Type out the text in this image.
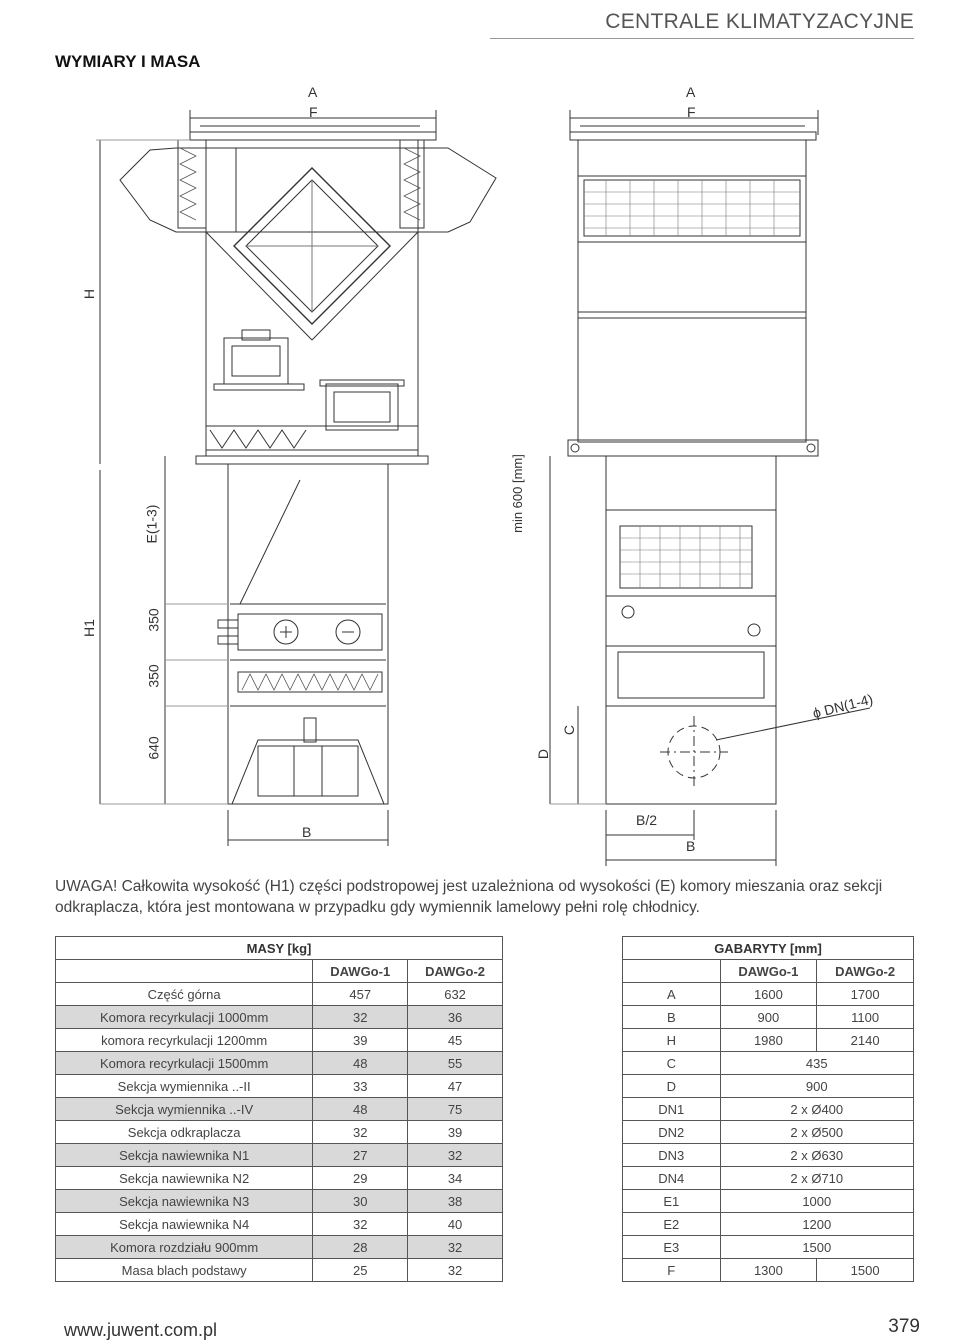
CENTRALE KLIMATYZACYJNE
WYMIARY I MASA
A
F
A
F
H
E(1-3)
H1	350
350
640
B
B/2
B
min 600 [mm]
D
C
ϕ DN(1-4)
UWAGA! Całkowita wysokość (H1) części podstropowej jest uzależniona od wysokości (E) komory mieszania oraz sekcji odkraplacza, która jest montowana w przypadku gdy wymiennik lamelowy pełni rolę chłodnicy.
MASY [kg]		
	DAWGo-1	DAWGo-2
Część górna	457	632
Komora recyrkulacji 1000mm	32	36
komora recyrkulacji 1200mm	39	45
Komora recyrkulacji 1500mm	48	55
Sekcja wymiennika ..-II	33	47
Sekcja wymiennika ..-IV	48	75
Sekcja odkraplacza	32	39
Sekcja nawiewnika N1	27	32
Sekcja nawiewnika N2	29	34
Sekcja nawiewnika N3	30	38
Sekcja nawiewnika N4	32	40
Komora rozdziału 900mm	28	32
Masa blach podstawy	25	32
GABARYTY [mm]		
	DAWGo-1	DAWGo-2
A	1600	1700
B	900	1100
H	1980	2140
C	435	
D	900	
DN1	2 x Ø400	
DN2	2 x Ø500	
DN3	2 x Ø630	
DN4	2 x Ø710	
E1	1000	
E2	1200	
E3	1500	
F	1300	1500
www.juwent.com.pl	379
